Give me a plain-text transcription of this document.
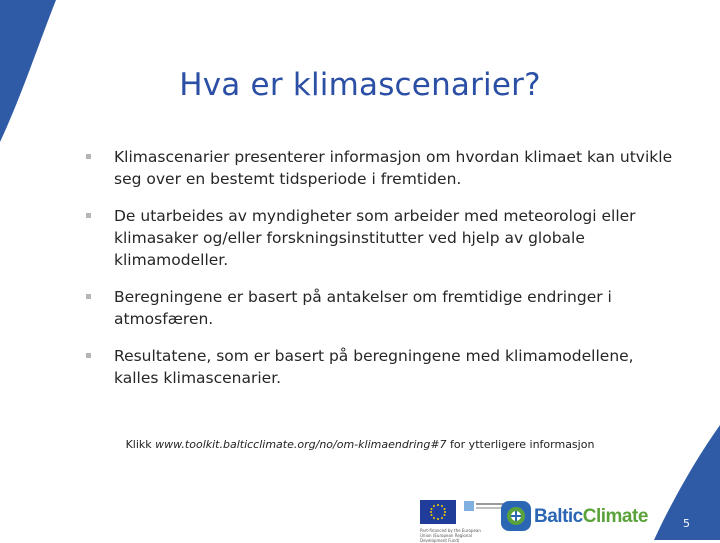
Hva er klimascenarier?
Klimascenarier presenterer informasjon om hvordan klimaet kan utvikle seg over en bestemt tidsperiode i fremtiden.
De utarbeides av myndigheter som arbeider med meteorologi eller klimasaker og/eller forskningsinstitutter ved hjelp av globale klimamodeller.
Beregningene er basert på antakelser om fremtidige endringer i atmosfæren.
Resultatene, som er basert på beregningene med klimamodellene, kalles klimascenarier.
Klikk www.toolkit.balticclimate.org/no/om-klimaendring#7 for ytterligere informasjon
Part-financed by the European Union (European Regional Development Fund)
BalticClimate	5
